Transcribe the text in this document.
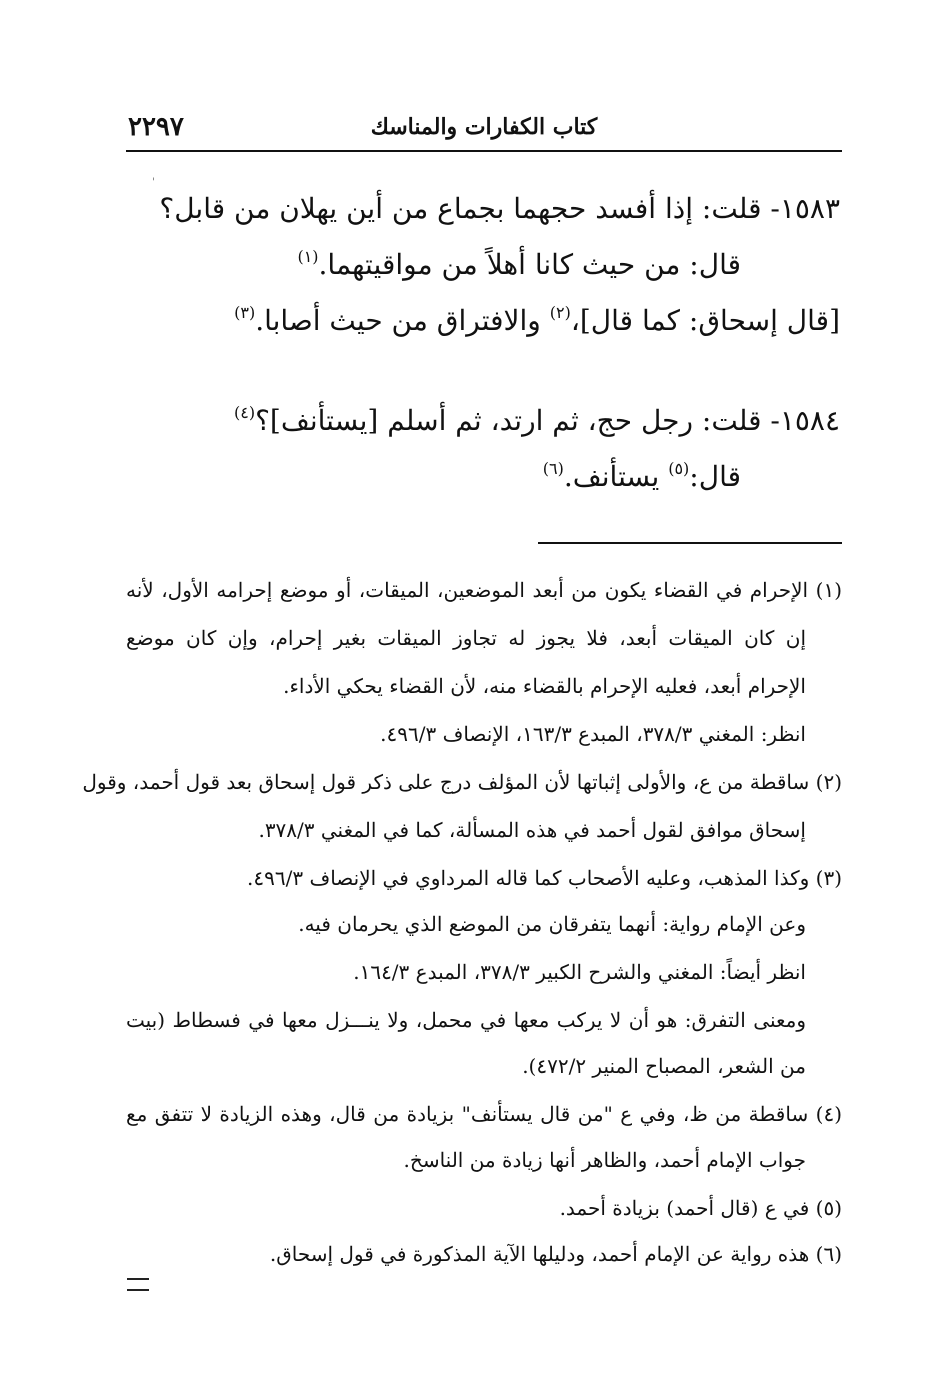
٢٢٩٧	كتاب الكفارات والمناسك
'
١٥٨٣- قلت: إذا أفسد حجهما بجماع من أين يهلان من قابل؟
قال: من حيث كانا أهلاً من مواقيتهما.$^{(١)}$
[قال إسحاق: كما قال]،$^{(٢)}$ والافتراق من حيث أصابا.$^{(٣)}$
١٥٨٤- قلت: رجل حج، ثم ارتد، ثم أسلم [يستأنف]؟$^{(٤)}$
قال:$^{(٥)}$ يستأنف.$^{(٦)}$
(١) الإحرام في القضاء يكون من أبعد الموضعين، الميقات، أو موضع إحرامه الأول، لأنه
إن كان الميقات أبعد، فلا يجوز له تجاوز الميقات بغير إحرام، وإن كان موضع
الإحرام أبعد، فعليه الإحرام بالقضاء منه، لأن القضاء يحكي الأداء.
انظر: المغني ٣٧٨/٣، المبدع ١٦٣/٣، الإنصاف ٤٩٦/٣.
(٢) ساقطة من ع، والأولى إثباتها لأن المؤلف درج على ذكر قول إسحاق بعد قول أحمد، وقول
إسحاق موافق لقول أحمد في هذه المسألة، كما في المغني ٣٧٨/٣.
(٣) وكذا المذهب، وعليه الأصحاب كما قاله المرداوي في الإنصاف ٤٩٦/٣.
وعن الإمام رواية: أنهما يتفرقان من الموضع الذي يحرمان فيه.
انظر أيضاً: المغني والشرح الكبير ٣٧٨/٣، المبدع ١٦٤/٣.
ومعنى التفرق: هو أن لا يركب معها في محمل، ولا ينـــزل معها في فسطاط (بيت
من الشعر، المصباح المنير ٤٧٢/٢).
(٤) ساقطة من ظ، وفي ع "من قال يستأنف" بزيادة من قال، وهذه الزيادة لا تتفق مع
جواب الإمام أحمد، والظاهر أنها زيادة من الناسخ.
(٥) في ع (قال أحمد) بزيادة أحمد.
(٦) هذه رواية عن الإمام أحمد، ودليلها الآية المذكورة في قول إسحاق.
